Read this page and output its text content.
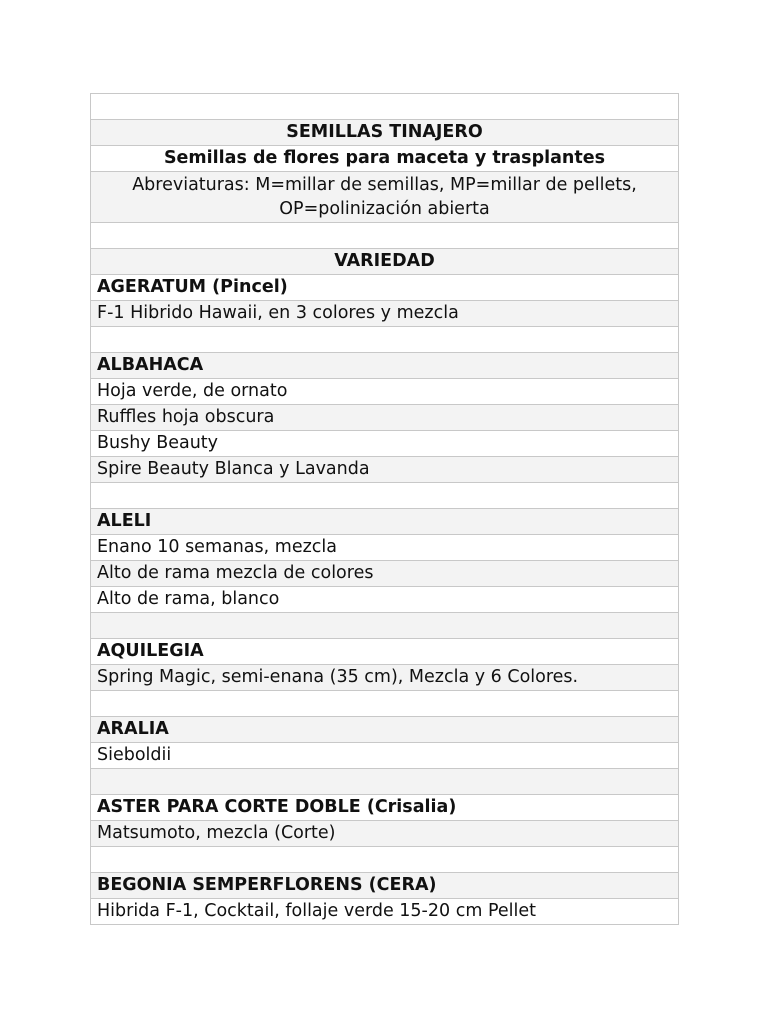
SEMILLAS TINAJERO
Semillas de flores para maceta y trasplantes
Abreviaturas: M=millar de semillas, MP=millar de pellets, OP=polinización abierta

VARIEDAD
AGERATUM (Pincel)
F-1 Hibrido Hawaii, en 3 colores y mezcla

ALBAHACA
Hoja verde, de ornato
Ruffles hoja obscura
Bushy Beauty
Spire Beauty Blanca y Lavanda

ALELI
Enano 10 semanas, mezcla
Alto de rama mezcla de colores
Alto de rama, blanco

AQUILEGIA
Spring Magic, semi-enana (35 cm), Mezcla y 6 Colores.

ARALIA
Sieboldii

ASTER PARA CORTE DOBLE (Crisalia)
Matsumoto, mezcla (Corte)

BEGONIA SEMPERFLORENS (CERA)
Hibrida F-1, Cocktail, follaje verde 15-20 cm Pellet
